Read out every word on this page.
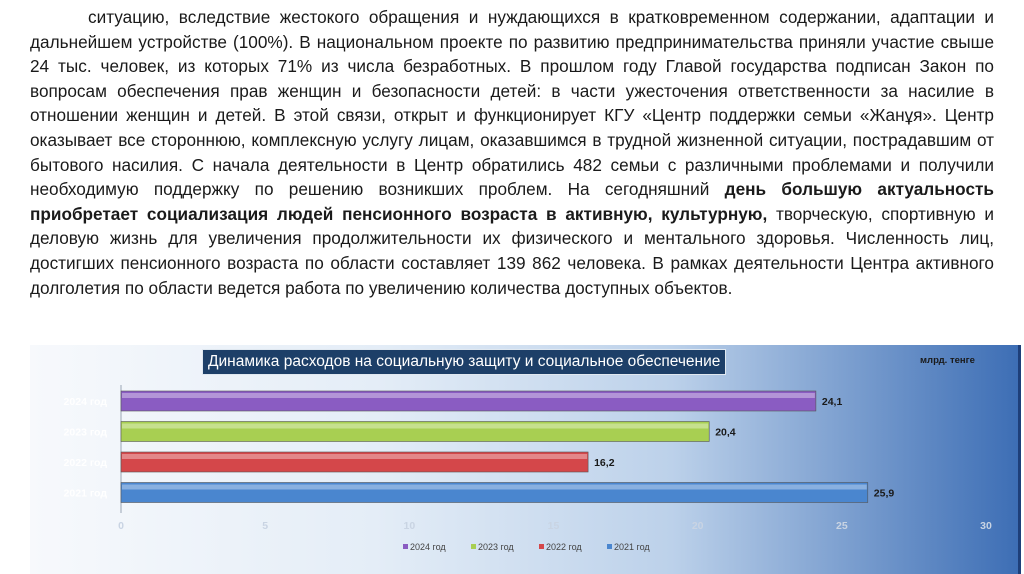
ситуацию, вследствие жестокого обращения и нуждающихся в кратковременном содержании, адаптации и дальнейшем устройстве (100%). В национальном проекте по развитию предпринимательства приняли участие свыше 24 тыс. человек, из которых 71% из числа безработных. В прошлом году Главой государства подписан Закон по вопросам обеспечения прав женщин и безопасности детей: в части ужесточения ответственности за насилие в отношении женщин и детей. В этой связи, открыт и функционирует КГУ «Центр поддержки семьи «Жанұя». Центр оказывает все стороннюю, комплексную услугу лицам, оказавшимся в трудной жизненной ситуации, пострадавшим от бытового насилия. С начала деятельности в Центр обратились 482 семьи с различными проблемами и получили необходимую поддержку по решению возникших проблем. На сегодняшний день большую актуальность приобретает социализация людей пенсионного возраста в активную, культурную, творческую, спортивную и деловую жизнь для увеличения продолжительности их физического и ментального здоровья. Численность лиц, достигших пенсионного возраста по области составляет 139 862 человека. В рамках деятельности Центра активного долголетия по области ведется работа по увеличению количества доступных объектов.

Динамика расходов на социальную защиту и социальное обеспечение	млрд. тенге
2024 год	24,1
2023 год	20,4
2022 год	16,2
2021 год	25,9
0	5	10	15	20	25	30
2024 год	2023 год	2022 год	2021 год
